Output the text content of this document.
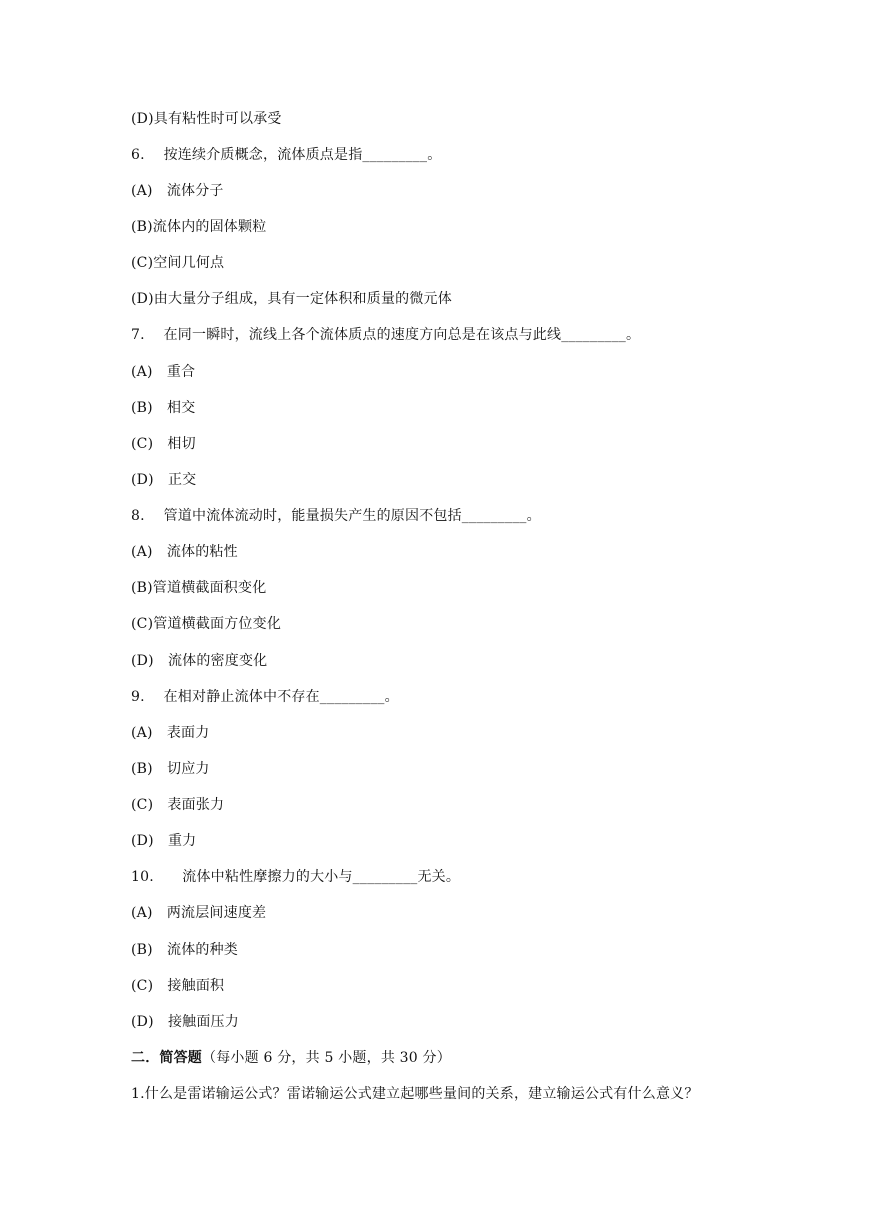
(D)具有粘性时可以承受
6.　 按连续介质概念，流体质点是指_________。
(A)　流体分子
(B)流体内的固体颗粒
(C)空间几何点
(D)由大量分子组成，具有一定体积和质量的微元体
7.　 在同一瞬时，流线上各个流体质点的速度方向总是在该点与此线_________。
(A)　重合
(B)　相交
(C)　相切
(D)　正交
8.　 管道中流体流动时，能量损失产生的原因不包括_________。
(A)　流体的粘性
(B)管道横截面积变化
(C)管道横截面方位变化
(D)　流体的密度变化
9.　 在相对静止流体中不存在_________。
(A)　表面力
(B)　切应力
(C)　表面张力
(D)　重力
10.　　流体中粘性摩擦力的大小与_________无关。
(A)　两流层间速度差
(B)　流体的种类
(C)　接触面积
(D)　接触面压力
二．简答题（每小题 6 分，共 5 小题，共 30 分）
1.什么是雷诺输运公式？雷诺输运公式建立起哪些量间的关系，建立输运公式有什么意义？
